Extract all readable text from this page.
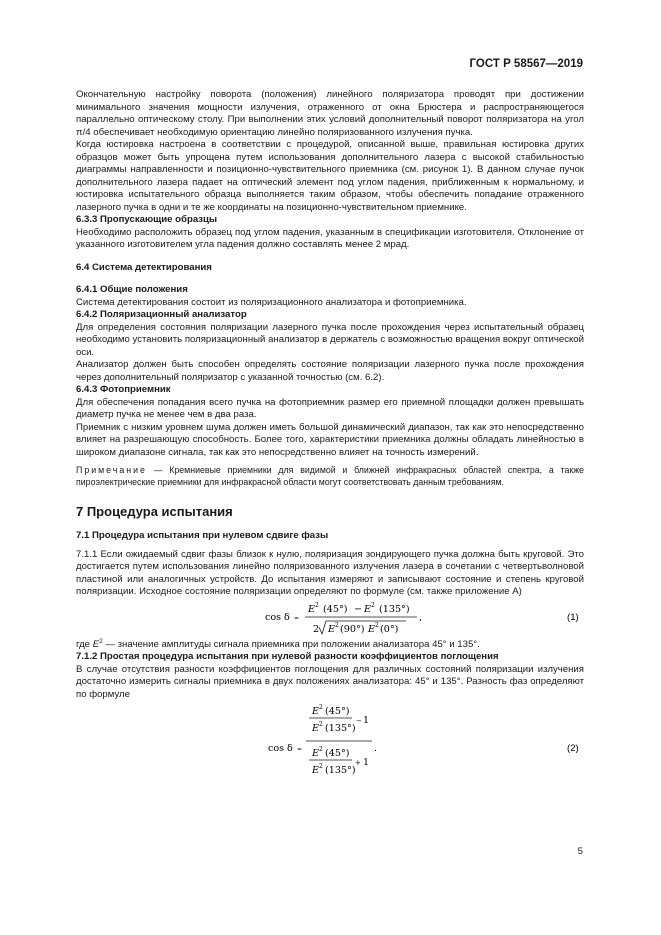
ГОСТ Р 58567—2019

Окончательную настройку поворота (положения) линейного поляризатора проводят при достижении минимального значения мощности излучения, отраженного от окна Брюстера и распространяющегося параллельно оптическому столу. При выполнении этих условий дополнительный поворот поляризатора на угол π/4 обеспечивает необходимую ориентацию линейно поляризованного излучения пучка.

Когда юстировка настроена в соответствии с процедурой, описанной выше, правильная юстировка других образцов может быть упрощена путем использования дополнительного лазера с высокой стабильностью диаграммы направленности и позиционно-чувствительного приемника (см. рисунок 1). В данном случае пучок дополнительного лазера падает на оптический элемент под углом падения, приближенным к нормальному, и юстировка испытательного образца выполняется таким образом, чтобы обеспечить попадание отраженного лазерного пучка в одни и те же координаты на позиционно-чувствительном приемнике.

6.3.3 Пропускающие образцы

Необходимо расположить образец под углом падения, указанным в спецификации изготовителя. Отклонение от указанного изготовителем угла падения должно составлять менее 2 мрад.

6.4 Система детектирования

6.4.1 Общие положения

Система детектирования состоит из поляризационного анализатора и фотоприемника.

6.4.2 Поляризационный анализатор

Для определения состояния поляризации лазерного пучка после прохождения через испытательный образец необходимо установить поляризационный анализатор в держатель с возможностью вращения вокруг оптической оси.

Анализатор должен быть способен определять состояние поляризации лазерного пучка после прохождения через дополнительный поляризатор с указанной точностью (см. 6.2).

6.4.3 Фотоприемник

Для обеспечения попадания всего пучка на фотоприемник размер его приемной площадки должен превышать диаметр пучка не менее чем в два раза.

Приемник с низким уровнем шума должен иметь большой динамический диапазон, так как это непосредственно влияет на разрешающую способность. Более того, характеристики приемника должны обладать линейностью в широком диапазоне сигнала, так как это непосредственно влияет на точность измерений.

Примечание — Кремниевые приемники для видимой и ближней инфракрасных областей спектра, а также пироэлектрические приемники для инфракрасной области могут соответствовать данным требованиям.

7 Процедура испытания

7.1 Процедура испытания при нулевом сдвиге фазы

7.1.1 Если ожидаемый сдвиг фазы близок к нулю, поляризация зондирующего пучка должна быть круговой. Это достигается путем использования линейно поляризованного излучения лазера в сочетании с четвертьволновой пластиной или аналогичных устройств. До испытания измеряют и записывают состояние и степень круговой поляризации. Исходное состояние поляризации определяют по формуле (см. также приложение А)

cos δ =
E 2 (45°) − E 2 (135°)
2 E 2 (90°) E 2 (0°)
,	(1)

где $E^2$ — значение амплитуды сигнала приемника при положении анализатора 45° и 135°.

7.1.2 Простая процедура испытания при нулевой разности коэффициентов поглощения

В случае отсутствия разности коэффициентов поглощения для различных состояний поляризации излучения достаточно измерить сигналы приемника в двух положениях анализатора: 45° и 135°. Разность фаз определяют по формуле

cos δ =
E 2 (45°)
E 2 (135°)
− 1
E 2 (45°)
E 2 (135°)
+ 1
.	(2)
5
